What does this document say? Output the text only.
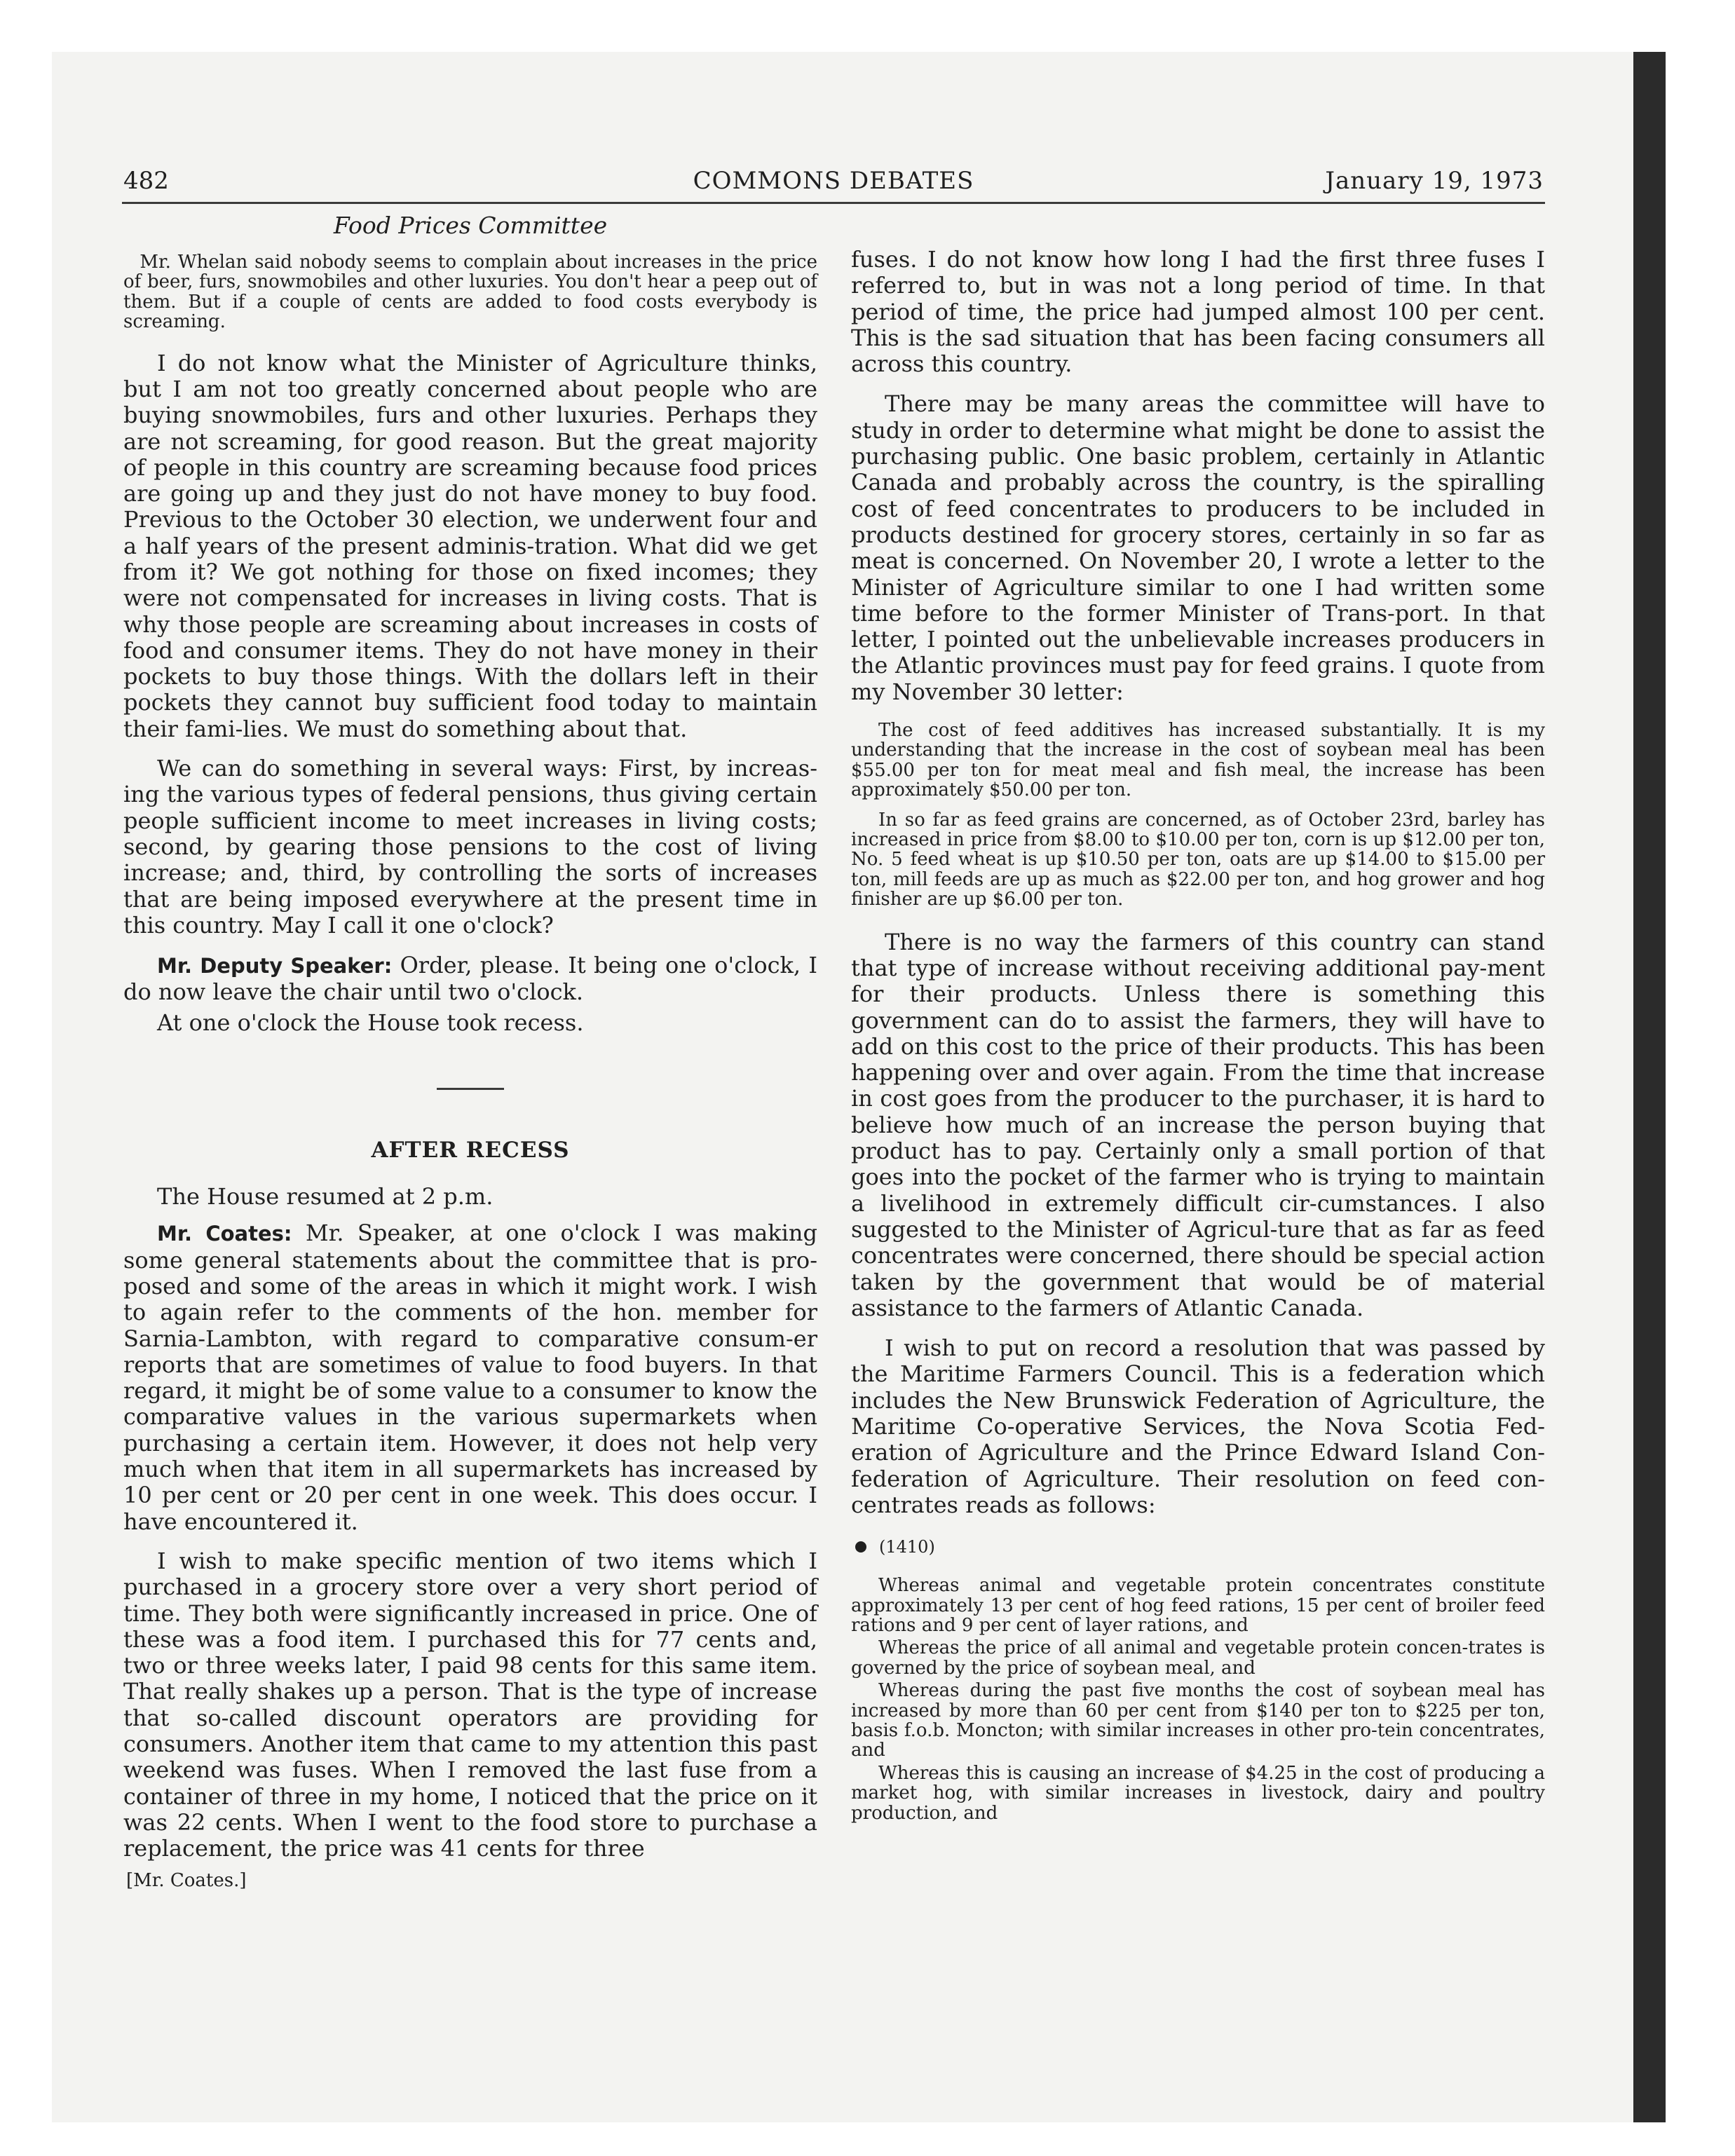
482	COMMONS DEBATES	January 19, 1973

Food Prices Committee

Mr. Whelan said nobody seems to complain about increases in the price of beer, furs, snowmobiles and other luxuries. You don't hear a peep out of them. But if a couple of cents are added to food costs everybody is screaming.

I do not know what the Minister of Agriculture thinks, but I am not too greatly concerned about people who are buying snowmobiles, furs and other luxuries. Perhaps they are not screaming, for good reason. But the great majority of people in this country are screaming because food prices are going up and they just do not have money to buy food. Previous to the October 30 election, we underwent four and a half years of the present adminis-tration. What did we get from it? We got nothing for those on fixed incomes; they were not compensated for increases in living costs. That is why those people are screaming about increases in costs of food and consumer items. They do not have money in their pockets to buy those things. With the dollars left in their pockets they cannot buy sufficient food today to maintain their fami-lies. We must do something about that.

We can do something in several ways: First, by increas-ing the various types of federal pensions, thus giving certain people sufficient income to meet increases in living costs; second, by gearing those pensions to the cost of living increase; and, third, by controlling the sorts of increases that are being imposed everywhere at the present time in this country. May I call it one o'clock?

Mr. Deputy Speaker: Order, please. It being one o'clock, I do now leave the chair until two o'clock.

At one o'clock the House took recess.

AFTER RECESS

The House resumed at 2 p.m.

Mr. Coates: Mr. Speaker, at one o'clock I was making some general statements about the committee that is pro-posed and some of the areas in which it might work. I wish to again refer to the comments of the hon. member for Sarnia-Lambton, with regard to comparative consum-er reports that are sometimes of value to food buyers. In that regard, it might be of some value to a consumer to know the comparative values in the various supermarkets when purchasing a certain item. However, it does not help very much when that item in all supermarkets has increased by 10 per cent or 20 per cent in one week. This does occur. I have encountered it.

I wish to make specific mention of two items which I purchased in a grocery store over a very short period of time. They both were significantly increased in price. One of these was a food item. I purchased this for 77 cents and, two or three weeks later, I paid 98 cents for this same item. That really shakes up a person. That is the type of increase that so-called discount operators are providing for consumers. Another item that came to my attention this past weekend was fuses. When I removed the last fuse from a container of three in my home, I noticed that the price on it was 22 cents. When I went to the food store to purchase a replacement, the price was 41 cents for three

[Mr. Coates.]

fuses. I do not know how long I had the first three fuses I referred to, but in was not a long period of time. In that period of time, the price had jumped almost 100 per cent. This is the sad situation that has been facing consumers all across this country.

There may be many areas the committee will have to study in order to determine what might be done to assist the purchasing public. One basic problem, certainly in Atlantic Canada and probably across the country, is the spiralling cost of feed concentrates to producers to be included in products destined for grocery stores, certainly in so far as meat is concerned. On November 20, I wrote a letter to the Minister of Agriculture similar to one I had written some time before to the former Minister of Trans-port. In that letter, I pointed out the unbelievable increases producers in the Atlantic provinces must pay for feed grains. I quote from my November 30 letter:

The cost of feed additives has increased substantially. It is my understanding that the increase in the cost of soybean meal has been $55.00 per ton for meat meal and fish meal, the increase has been approximately $50.00 per ton.

In so far as feed grains are concerned, as of October 23rd, barley has increased in price from $8.00 to $10.00 per ton, corn is up $12.00 per ton, No. 5 feed wheat is up $10.50 per ton, oats are up $14.00 to $15.00 per ton, mill feeds are up as much as $22.00 per ton, and hog grower and hog finisher are up $6.00 per ton.

There is no way the farmers of this country can stand that type of increase without receiving additional pay-ment for their products. Unless there is something this government can do to assist the farmers, they will have to add on this cost to the price of their products. This has been happening over and over again. From the time that increase in cost goes from the producer to the purchaser, it is hard to believe how much of an increase the person buying that product has to pay. Certainly only a small portion of that goes into the pocket of the farmer who is trying to maintain a livelihood in extremely difficult cir-cumstances. I also suggested to the Minister of Agricul-ture that as far as feed concentrates were concerned, there should be special action taken by the government that would be of material assistance to the farmers of Atlantic Canada.

I wish to put on record a resolution that was passed by the Maritime Farmers Council. This is a federation which includes the New Brunswick Federation of Agriculture, the Maritime Co-operative Services, the Nova Scotia Fed-eration of Agriculture and the Prince Edward Island Con-federation of Agriculture. Their resolution on feed con-centrates reads as follows:

(1410)

Whereas animal and vegetable protein concentrates constitute approximately 13 per cent of hog feed rations, 15 per cent of broiler feed rations and 9 per cent of layer rations, and

Whereas the price of all animal and vegetable protein concen-trates is governed by the price of soybean meal, and

Whereas during the past five months the cost of soybean meal has increased by more than 60 per cent from $140 per ton to $225 per ton, basis f.o.b. Moncton; with similar increases in other pro-tein concentrates, and

Whereas this is causing an increase of $4.25 in the cost of producing a market hog, with similar increases in livestock, dairy and poultry production, and
